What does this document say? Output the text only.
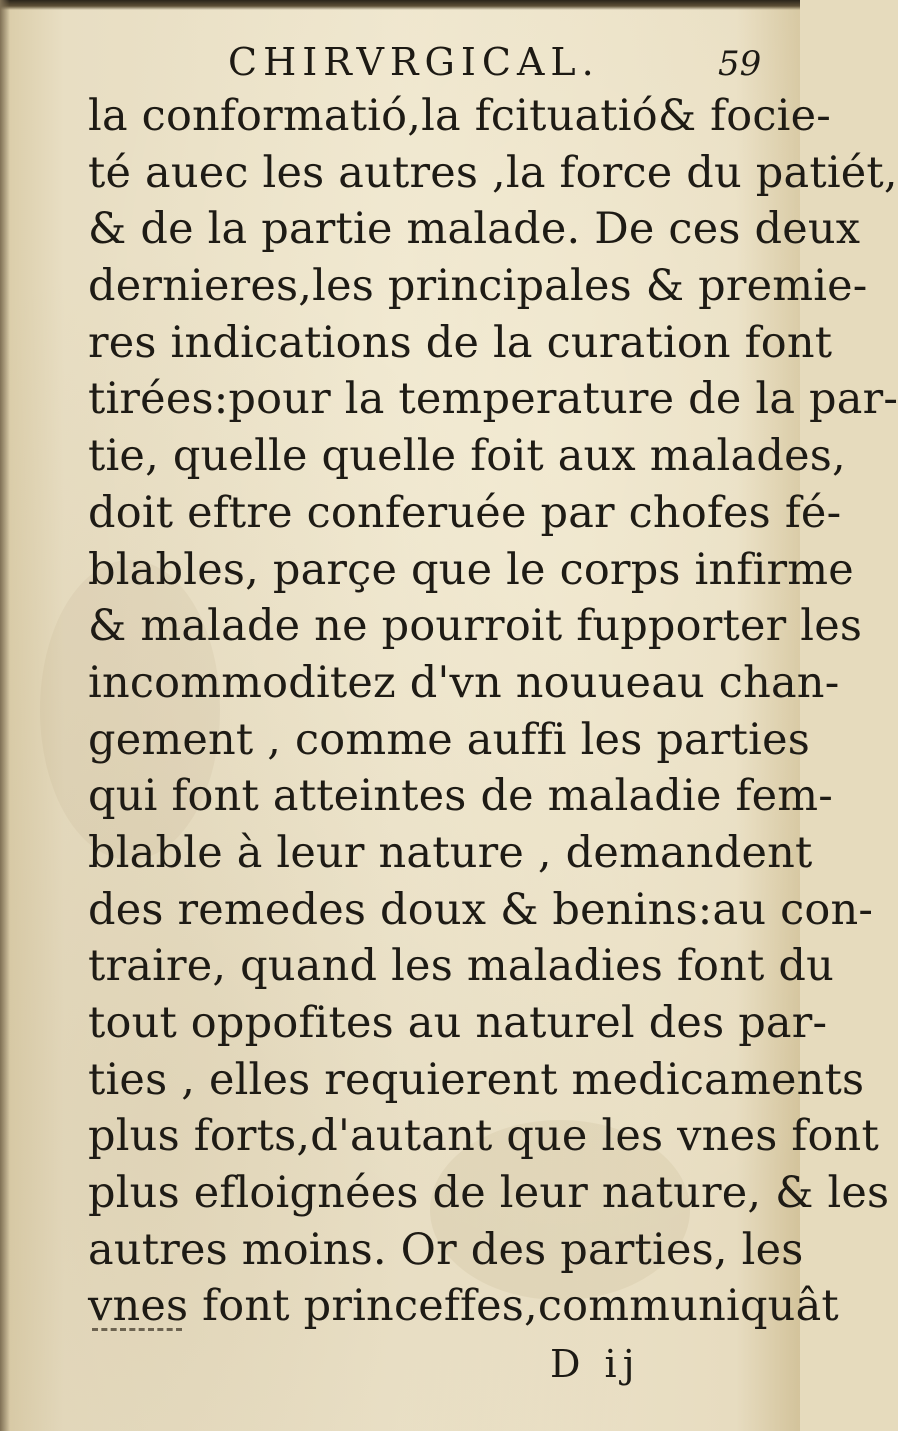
CHIRVRGICAL.	59
la conformatió,la fcituatió& focie-
té auec les autres ,la force du patiét,
& de la partie malade. De ces deux
dernieres,les principales & premie-
res indications de la curation font
tirées:pour la temperature de la par-
tie, quelle quelle foit aux malades,
doit eftre conferuée par chofes fé-
blables, parçe que le corps infirme
& malade ne pourroit fupporter les
incommoditez d'vn nouueau chan-
gement , comme auffi les parties
qui font atteintes de maladie fem-
blable à leur nature , demandent
des remedes doux & benins:au con-
traire, quand les maladies font du
tout oppofites au naturel des par-
ties , elles requierent medicaments
plus forts,d'autant que les vnes font
plus efloignées de leur nature, & les
autres moins. Or des parties, les
vnes font princeffes,communiquât
D ij
